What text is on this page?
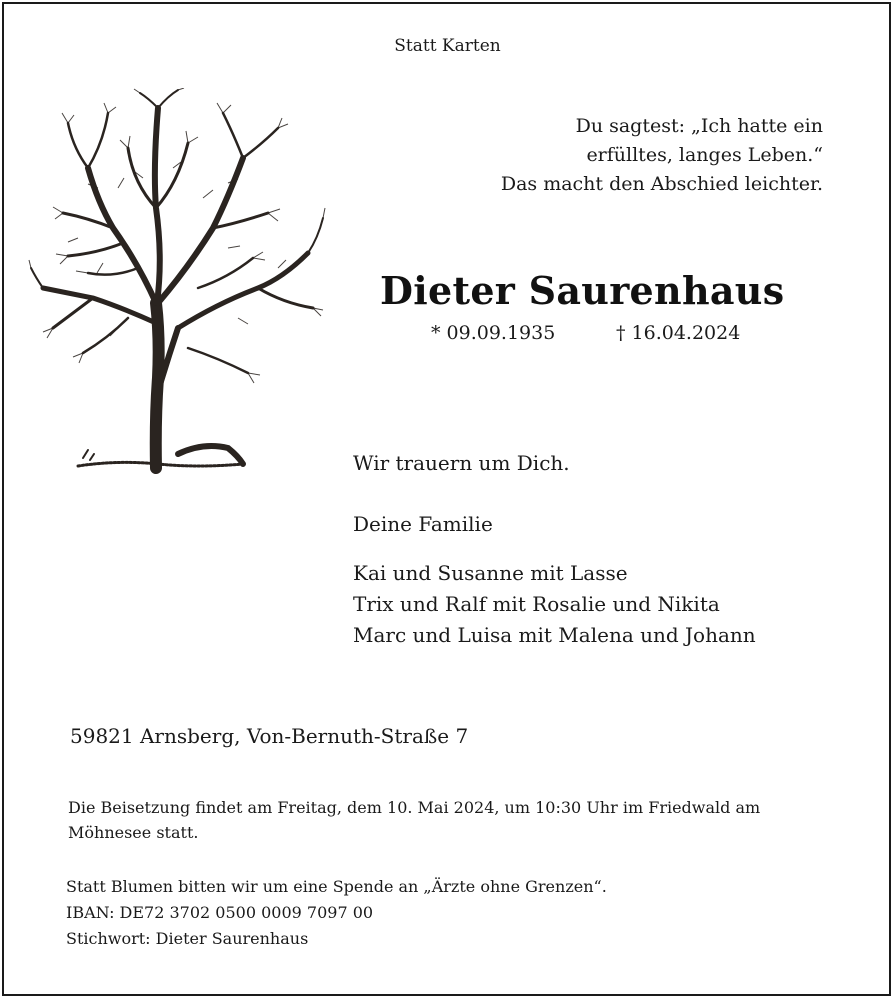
Statt Karten

Du sagtest: „Ich hatte ein
erfülltes, langes Leben.“
Das macht den Abschied leichter.
Dieter Saurenhaus

* 09.09.1935	† 16.04.2024

Wir trauern um Dich.

Deine Familie

Kai und Susanne mit Lasse
Trix und Ralf mit Rosalie und Nikita
Marc und Luisa mit Malena und Johann

59821 Arnsberg, Von-Bernuth-Straße 7

Die Beisetzung findet am Freitag, dem 10. Mai 2024, um 10:30 Uhr im Friedwald am Möhnesee statt.

Statt Blumen bitten wir um eine Spende an „Ärzte ohne Grenzen“.
IBAN: DE72 3702 0500 0009 7097 00
Stichwort: Dieter Saurenhaus
